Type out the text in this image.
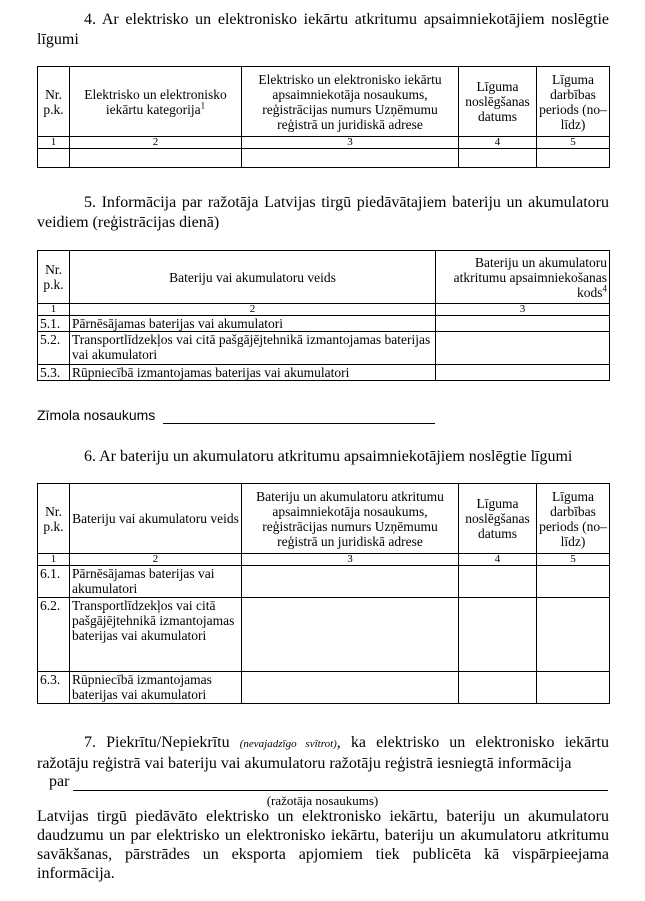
4. Ar elektrisko un elektronisko iekārtu atkritumu apsaimniekotājiem noslēgtie līgumi
Nr. p.k.	Elektrisko un elektronisko iekārtu kategorija$^1$	Elektrisko un elektronisko iekārtu apsaimniekotāja nosaukums, reģistrācijas numurs Uzņēmumu reģistrā un juridiskā adrese	Līguma noslēgšanas datums	Līguma darbības periods (no–līdz)
1	2	3	4	5

5. Informācija par ražotāja Latvijas tirgū piedāvātajiem bateriju un akumulatoru veidiem (reģistrācijas dienā)
Nr. p.k.	Bateriju vai akumulatoru veids	Bateriju un akumulatoru atkritumu apsaimniekošanas kods$^4$
1	2	3
5.1.	Pārnēsājamas baterijas vai akumulatori	
5.2.	Transportlīdzekļos vai citā pašgājējtehnikā izmantojamas baterijas vai akumulatori	
5.3.	Rūpniecībā izmantojamas baterijas vai akumulatori	
Zīmola nosaukums
6. Ar bateriju un akumulatoru atkritumu apsaimniekotājiem noslēgtie līgumi
Nr. p.k.	Bateriju vai akumulatoru veids	Bateriju un akumulatoru atkritumu apsaimniekotāja nosaukums, reģistrācijas numurs Uzņēmumu reģistrā un juridiskā adrese	Līguma noslēgšanas datums	Līguma darbības periods (no–līdz)
1	2	3	4	5
6.1.	Pārnēsājamas baterijas vai akumulatori			
6.2.	Transportlīdzekļos vai citā pašgājējtehnikā izmantojamas baterijas vai akumulatori			
6.3.	Rūpniecībā izmantojamas baterijas vai akumulatori			
7. Piekrītu/Nepiekrītu (nevajadzīgo svītrot), ka elektrisko un elektronisko iekārtu ražotāju reģistrā vai bateriju vai akumulatoru ražotāju reģistrā iesniegtā informācija
par
(ražotāja nosaukums)
Latvijas tirgū piedāvāto elektrisko un elektronisko iekārtu, bateriju un akumulatoru daudzumu un par elektrisko un elektronisko iekārtu, bateriju un akumulatoru atkritumu savākšanas, pārstrādes un eksporta apjomiem tiek publicēta kā vispārpieejama informācija.
